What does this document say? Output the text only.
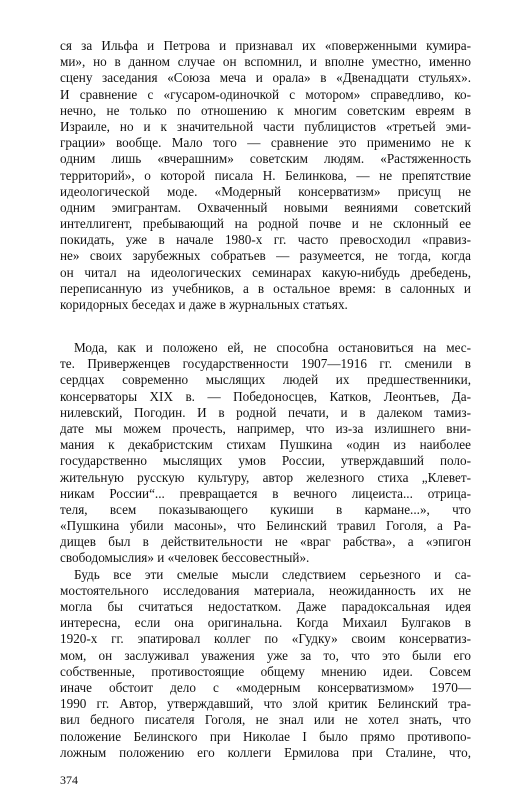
ся за Ильфа и Петрова и признавал их «поверженными кумира-
ми», но в данном случае он вспомнил, и вполне уместно, именно
сцену заседания «Союза меча и орала» в «Двенадцати стульях».
И сравнение с «гусаром-одиночкой с мотором» справедливо, ко-
нечно, не только по отношению к многим советским евреям в
Израиле, но и к значительной части публицистов «третьей эми-
грации» вообще. Мало того — сравнение это применимо не к
одним лишь «вчерашним» советским людям. «Растяженность
территорий», о которой писала Н. Белинкова, — не препятствие
идеологической моде. «Модерный консерватизм» присущ не
одним эмигрантам. Охваченный новыми веяниями советский
интеллигент, пребывающий на родной почве и не склонный ее
покидать, уже в начале 1980-х гг. часто превосходил «правиз-
не» своих зарубежных собратьев — разумеется, не тогда, когда
он читал на идеологических семинарах какую-нибудь дребедень,
переписанную из учебников, а в остальное время: в салонных и
коридорных беседах и даже в журнальных статьях.
Мода, как и положено ей, не способна остановиться на мес-
те. Приверженцев государственности 1907—1916 гг. сменили в
сердцах современно мыслящих людей их предшественники,
консерваторы XIX в. — Победоносцев, Катков, Леонтьев, Да-
нилевский, Погодин. И в родной печати, и в далеком тамиз-
дате мы можем прочесть, например, что из-за излишнего вни-
мания к декабристским стихам Пушкина «один из наиболее
государственно мыслящих умов России, утверждавший поло-
жительную русскую культуру, автор железного стиха „Клевет-
никам России“... превращается в вечного лицеиста... отрица-
теля, всем показывающего кукиши в кармане...», что
«Пушкина убили масоны», что Белинский травил Гоголя, а Ра-
дищев был в действительности не «враг рабства», а «эпигон
свободомыслия» и «человек бессовестный».
Будь все эти смелые мысли следствием серьезного и са-
мостоятельного исследования материала, неожиданность их не
могла бы считаться недостатком. Даже парадоксальная идея
интересна, если она оригинальна. Когда Михаил Булгаков в
1920-х гг. эпатировал коллег по «Гудку» своим консерватиз-
мом, он заслуживал уважения уже за то, что это были его
собственные, противостоящие общему мнению идеи. Совсем
иначе обстоит дело с «модерным консерватизмом» 1970—
1990 гг. Автор, утверждавший, что злой критик Белинский тра-
вил бедного писателя Гоголя, не знал или не хотел знать, что
положение Белинского при Николае I было прямо противопо-
ложным положению его коллеги Ермилова при Сталине, что,
374
